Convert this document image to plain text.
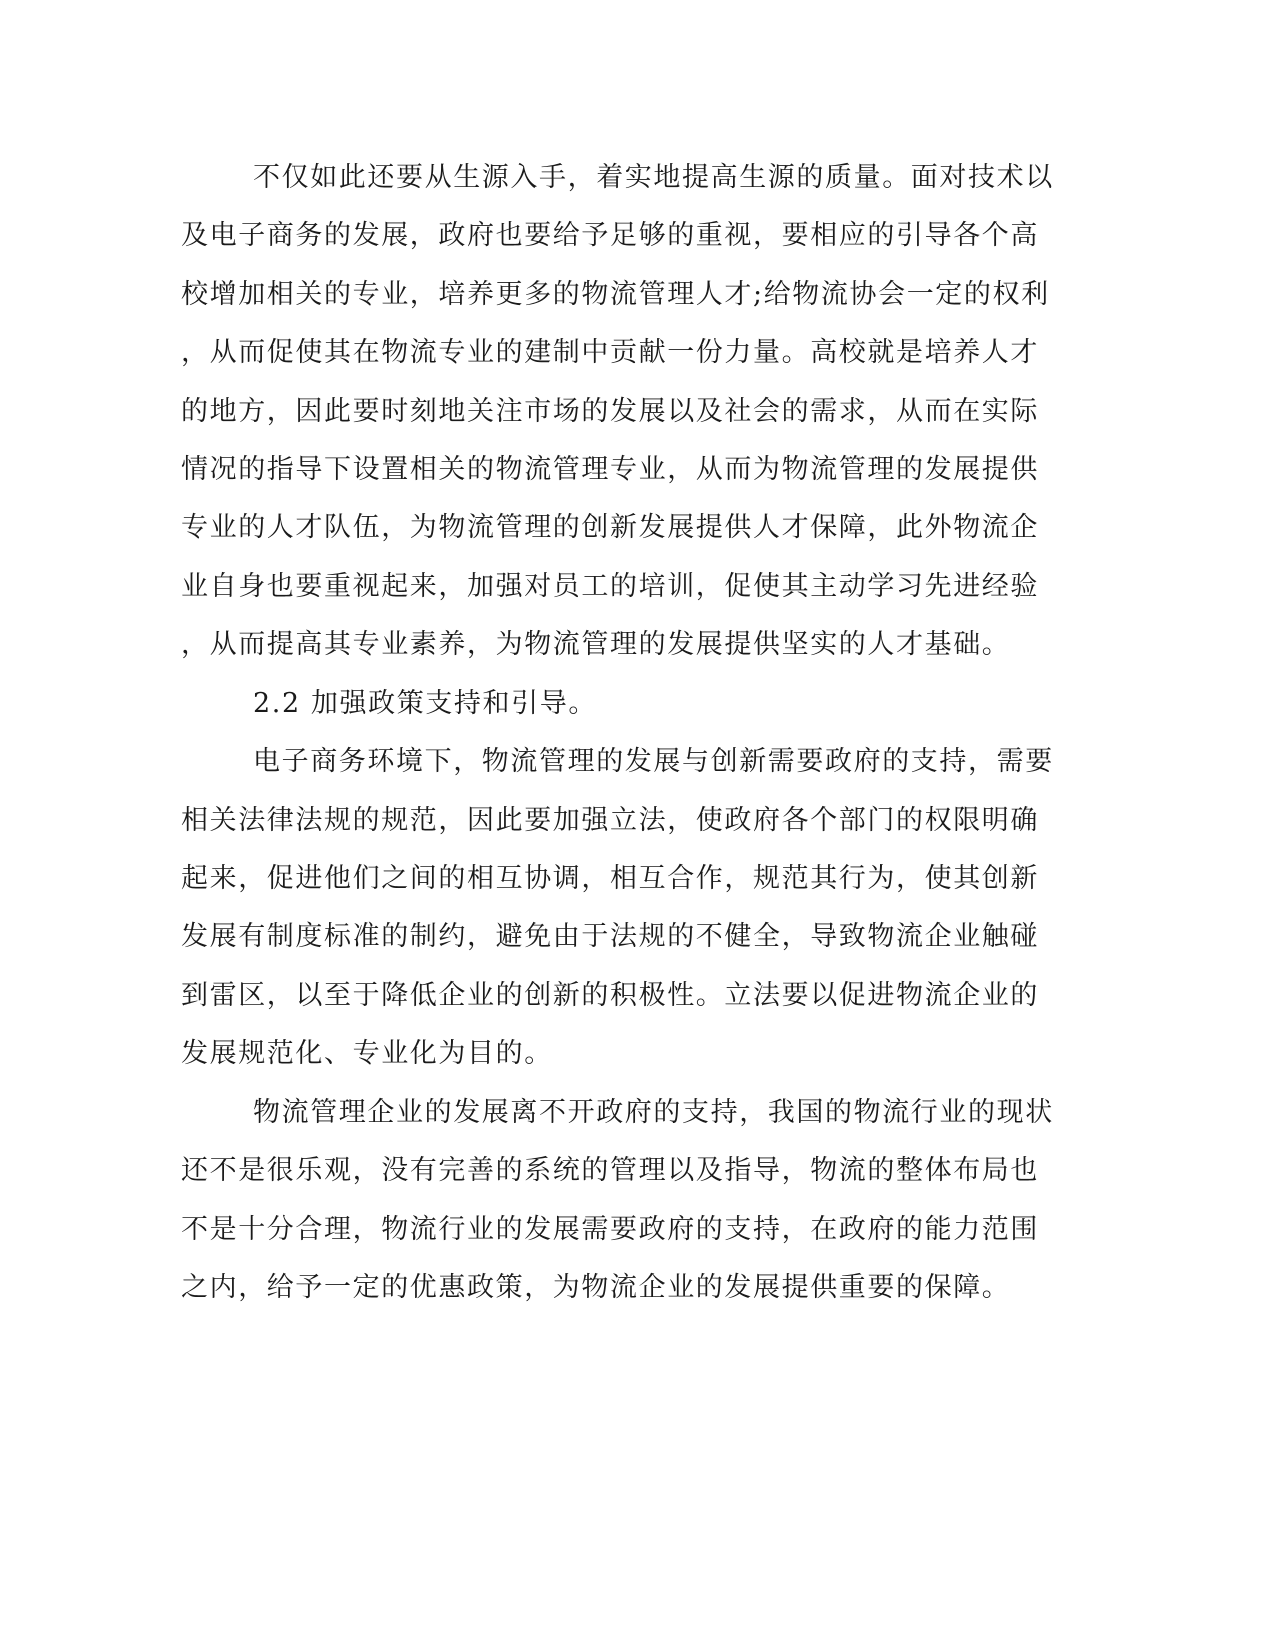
不仅如此还要从生源入手，着实地提高生源的质量。面对技术以
及电子商务的发展，政府也要给予足够的重视，要相应的引导各个高
校增加相关的专业，培养更多的物流管理人才;给物流协会一定的权利
，从而促使其在物流专业的建制中贡献一份力量。高校就是培养人才
的地方，因此要时刻地关注市场的发展以及社会的需求，从而在实际
情况的指导下设置相关的物流管理专业，从而为物流管理的发展提供
专业的人才队伍，为物流管理的创新发展提供人才保障，此外物流企
业自身也要重视起来，加强对员工的培训，促使其主动学习先进经验
，从而提高其专业素养，为物流管理的发展提供坚实的人才基础。
2.2 加强政策支持和引导。
电子商务环境下，物流管理的发展与创新需要政府的支持，需要
相关法律法规的规范，因此要加强立法，使政府各个部门的权限明确
起来，促进他们之间的相互协调，相互合作，规范其行为，使其创新
发展有制度标准的制约，避免由于法规的不健全，导致物流企业触碰
到雷区，以至于降低企业的创新的积极性。立法要以促进物流企业的
发展规范化、专业化为目的。
物流管理企业的发展离不开政府的支持，我国的物流行业的现状
还不是很乐观，没有完善的系统的管理以及指导，物流的整体布局也
不是十分合理，物流行业的发展需要政府的支持，在政府的能力范围
之内，给予一定的优惠政策，为物流企业的发展提供重要的保障。
